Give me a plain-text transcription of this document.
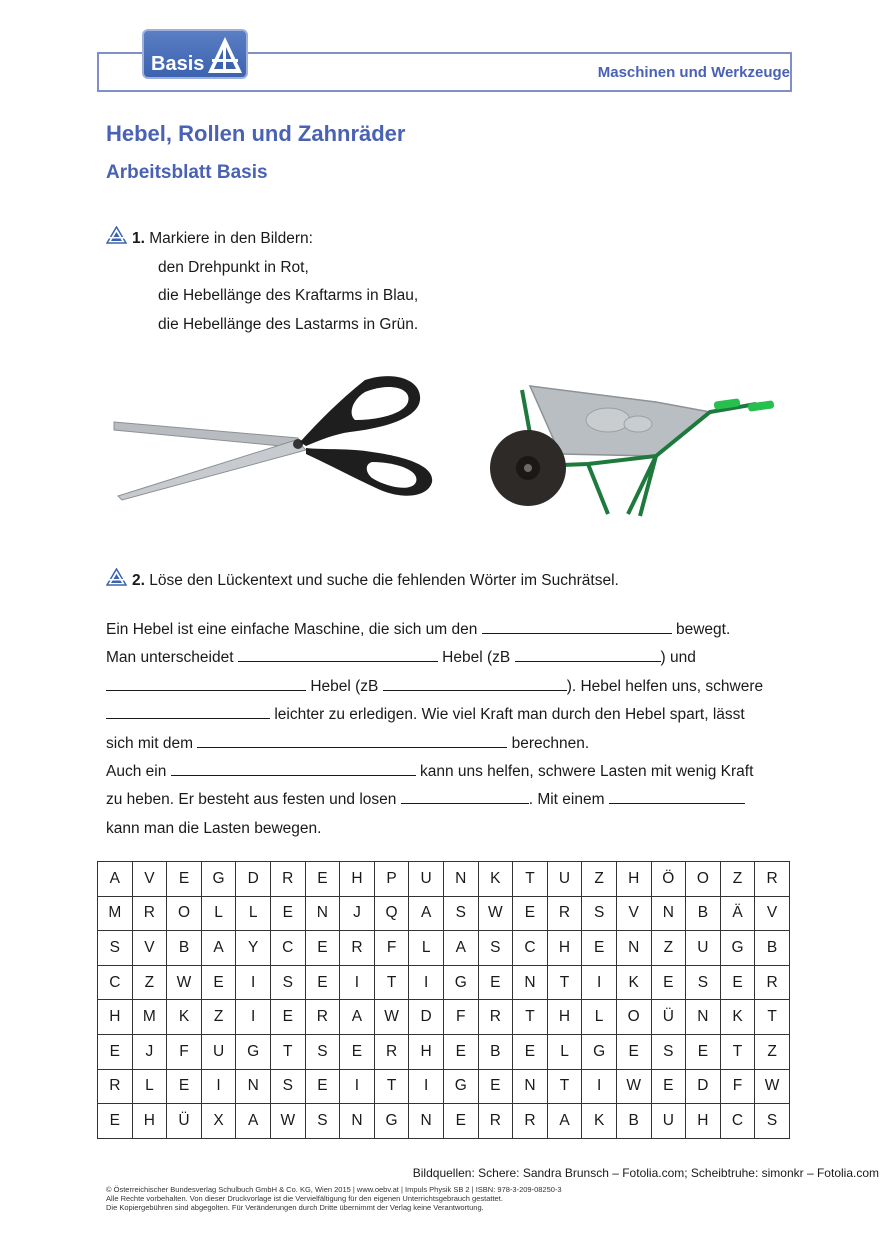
Basis	Maschinen und Werkzeuge
Hebel, Rollen und Zahnräder
Arbeitsblatt Basis
1. Markiere in den Bildern:
den Drehpunkt in Rot,
die Hebellänge des Kraftarms in Blau,
die Hebellänge des Lastarms in Grün.
2. Löse den Lückentext und suche die fehlenden Wörter im Suchrätsel.
Ein Hebel ist eine einfache Maschine, die sich um den	bewegt.
Man unterscheidet	Hebel (zB	) und
Hebel (zB	). Hebel helfen uns, schwere
leichter zu erledigen. Wie viel Kraft man durch den Hebel spart, lässt
sich mit dem	berechnen.
Auch ein	kann uns helfen, schwere Lasten mit wenig Kraft
zu heben. Er besteht aus festen und losen	. Mit einem
kann man die Lasten bewegen.
A	V	E	G	D	R	E	H	P	U	N	K	T	U	Z	H	Ö	O	Z	R
M	R	O	L	L	E	N	J	Q	A	S	W	E	R	S	V	N	B	Ä	V
S	V	B	A	Y	C	E	R	F	L	A	S	C	H	E	N	Z	U	G	B
C	Z	W	E	I	S	E	I	T	I	G	E	N	T	I	K	E	S	E	R
H	M	K	Z	I	E	R	A	W	D	F	R	T	H	L	O	Ü	N	K	T
E	J	F	U	G	T	S	E	R	H	E	B	E	L	G	E	S	E	T	Z
R	L	E	I	N	S	E	I	T	I	G	E	N	T	I	W	E	D	F	W
E	H	Ü	X	A	W	S	N	G	N	E	R	R	A	K	B	U	H	C	S
Bildquellen: Schere: Sandra Brunsch – Fotolia.com; Scheibtruhe: simonkr – Fotolia.com
© Österreichischer Bundesverlag Schulbuch GmbH & Co. KG, Wien 2015 | www.oebv.at | Impuls Physik SB 2 | ISBN: 978-3-209-08250-3
Alle Rechte vorbehalten. Von dieser Druckvorlage ist die Vervielfältigung für den eigenen Unterrichtsgebrauch gestattet.
Die Kopiergebühren sind abgegolten. Für Veränderungen durch Dritte übernimmt der Verlag keine Verantwortung.
